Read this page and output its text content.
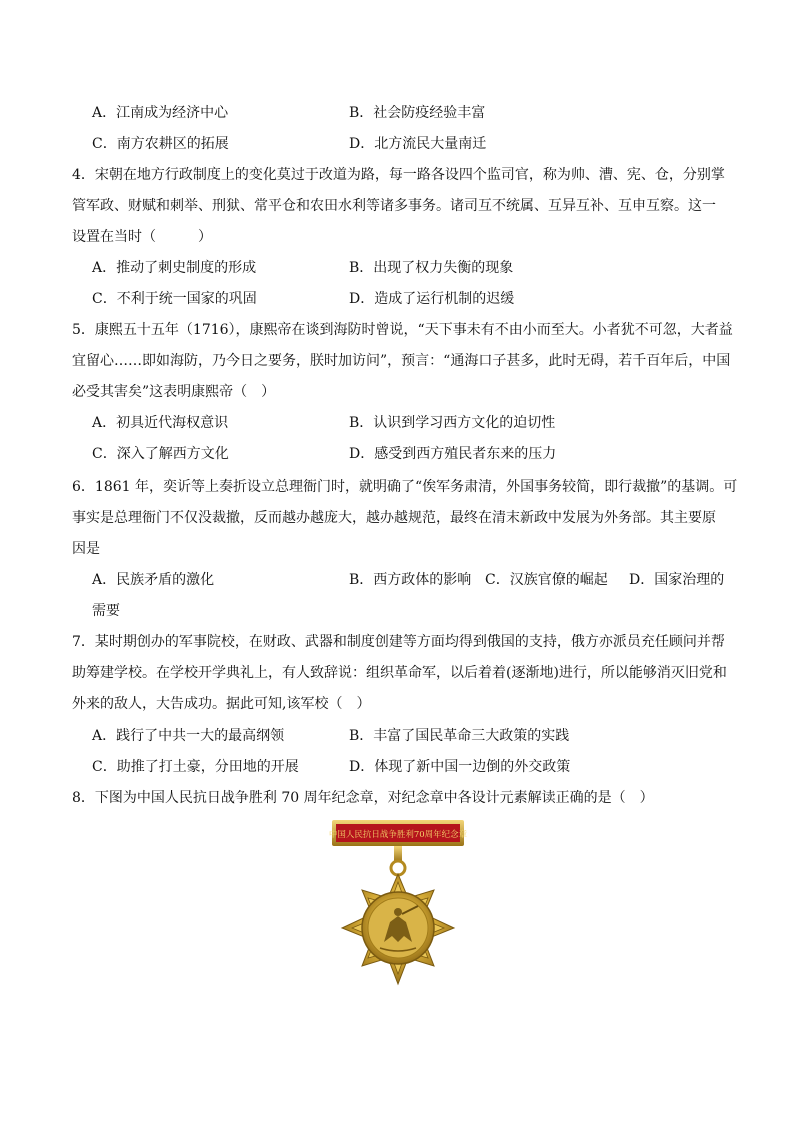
A．江南成为经济中心	B．社会防疫经验丰富
C．南方农耕区的拓展	D．北方流民大量南迁
4．宋朝在地方行政制度上的变化莫过于改道为路，每一路各设四个监司官，称为帅、漕、宪、仓，分别掌
管军政、财赋和刺举、刑狱、常平仓和农田水利等诸多事务。诸司互不统属、互异互补、互申互察。这一
设置在当时（　　　）
A．推动了刺史制度的形成	B．出现了权力失衡的现象
C．不利于统一国家的巩固	D．造成了运行机制的迟缓
5．康熙五十五年（1716），康熙帝在谈到海防时曾说，“天下事未有不由小而至大。小者犹不可忽，大者益
宜留心……即如海防，乃今日之要务，朕时加访问”，预言：“通海口子甚多，此时无碍，若千百年后，中国
必受其害矣”这表明康熙帝（　）
A．初具近代海权意识	B．认识到学习西方文化的迫切性
C．深入了解西方文化	D．感受到西方殖民者东来的压力
6．1861 年，奕䜣等上奏折设立总理衙门时，就明确了“俟军务肃清，外国事务较简，即行裁撤”的基调。可
事实是总理衙门不仅没裁撤，反而越办越庞大，越办越规范，最终在清末新政中发展为外务部。其主要原
因是
A．民族矛盾的激化	B．西方政体的影响 C．汉族官僚的崛起 D．国家治理的
需要
7．某时期创办的军事院校，在财政、武器和制度创建等方面均得到俄国的支持，俄方亦派员充任顾问并帮
助筹建学校。在学校开学典礼上，有人致辞说：组织革命军，以后着着(逐渐地)进行，所以能够消灭旧党和
外来的敌人，大告成功。据此可知,该军校（　）
A．践行了中共一大的最高纲领	B．丰富了国民革命三大政策的实践
C．助推了打土豪，分田地的开展	D．体现了新中国一边倒的外交政策
8．下图为中国人民抗日战争胜利 70 周年纪念章，对纪念章中各设计元素解读正确的是（　）
中国人民抗日战争胜利70周年纪念章
